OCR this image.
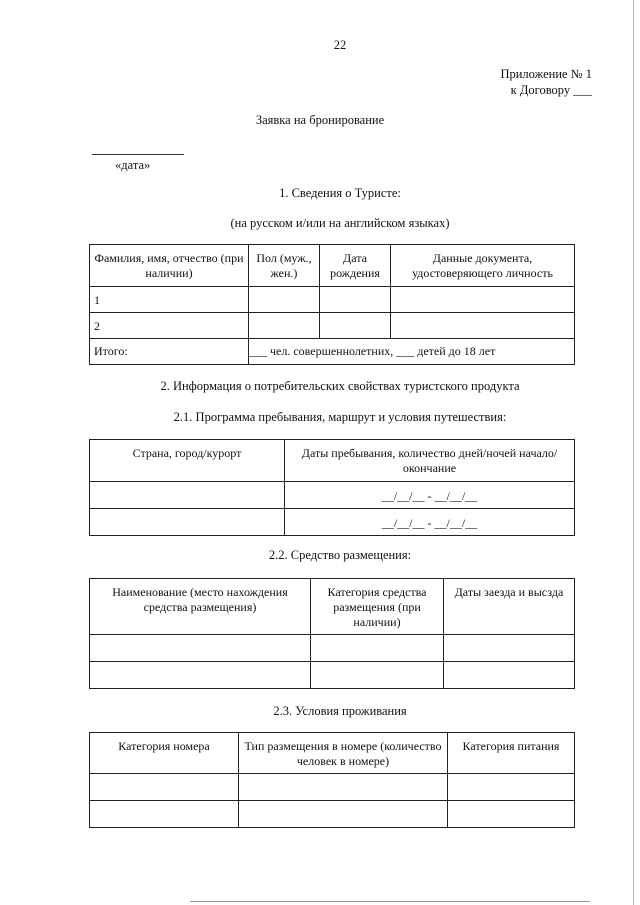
22
Приложение № 1
к Договору ___
Заявка на бронирование
«дата»
1. Сведения о Туристе:
(на русском и/или на английском языках)
Фамилия, имя, отчество (при наличии)	Пол (муж., жен.)	Дата рождения	Данные документа, удостоверяющего личность
1			
2			
Итого:	___ чел. совершеннолетних, ___ детей до 18 лет		
2. Информация о потребительских свойствах туристского продукта
2.1. Программа пребывания, маршрут и условия путешествия:
Страна, город/курорт	Даты пребывания, количество дней/ночей начало/окончание
	__/__/__ - __/__/__
	__/__/__ - __/__/__
2.2. Средство размещения:
Наименование (место нахождения средства размещения)	Категория средства размещения (при наличии)	Даты заезда и высзда

2.3. Условия проживания
Категория номера	Тип размещения в номере (количество человек в номере)	Категория питания
